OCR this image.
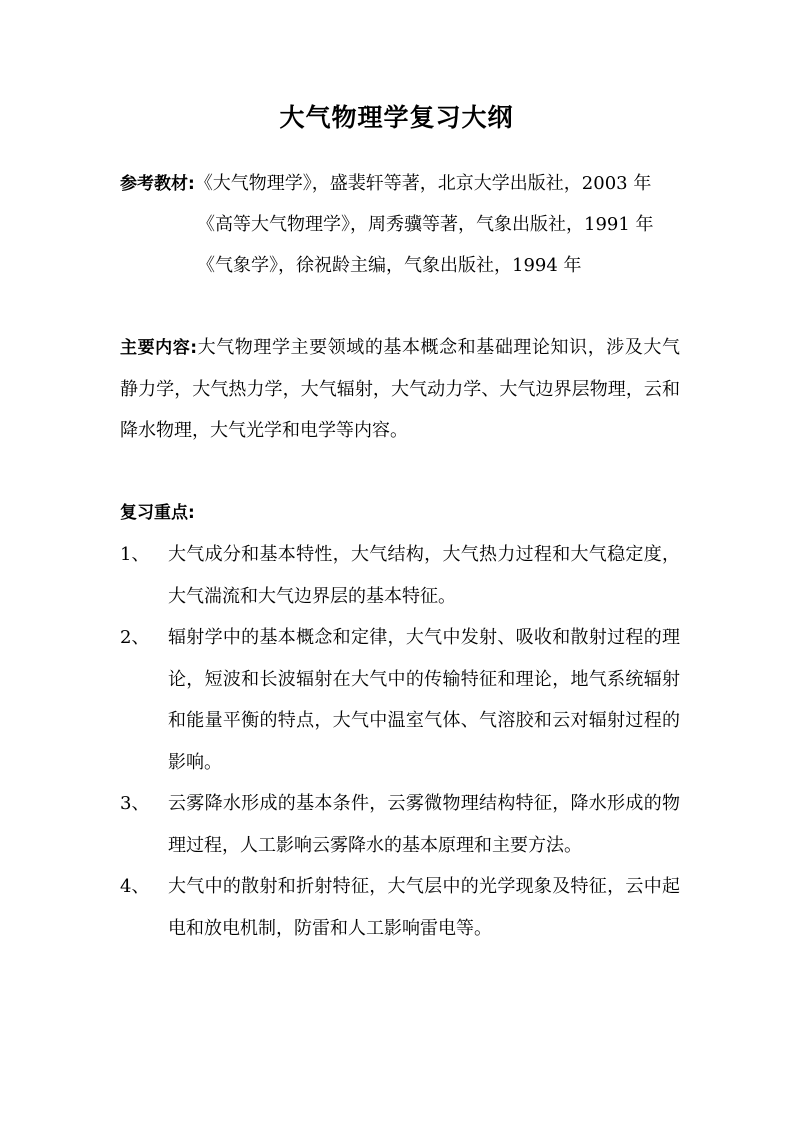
大气物理学复习大纲
参考教材:《大气物理学》，盛裴轩等著，北京大学出版社，2003 年
《高等大气物理学》，周秀骥等著，气象出版社，1991 年
《气象学》，徐祝龄主编，气象出版社，1994 年
主要内容:大气物理学主要领域的基本概念和基础理论知识，涉及大气静力学，大气热力学，大气辐射，大气动力学、大气边界层物理，云和降水物理，大气光学和电学等内容。
复习重点:
1、	大气成分和基本特性，大气结构，大气热力过程和大气稳定度，大气湍流和大气边界层的基本特征。
2、	辐射学中的基本概念和定律，大气中发射、吸收和散射过程的理论，短波和长波辐射在大气中的传输特征和理论，地气系统辐射和能量平衡的特点，大气中温室气体、气溶胶和云对辐射过程的影响。
3、	云雾降水形成的基本条件，云雾微物理结构特征，降水形成的物理过程，人工影响云雾降水的基本原理和主要方法。
4、	大气中的散射和折射特征，大气层中的光学现象及特征，云中起电和放电机制，防雷和人工影响雷电等。
